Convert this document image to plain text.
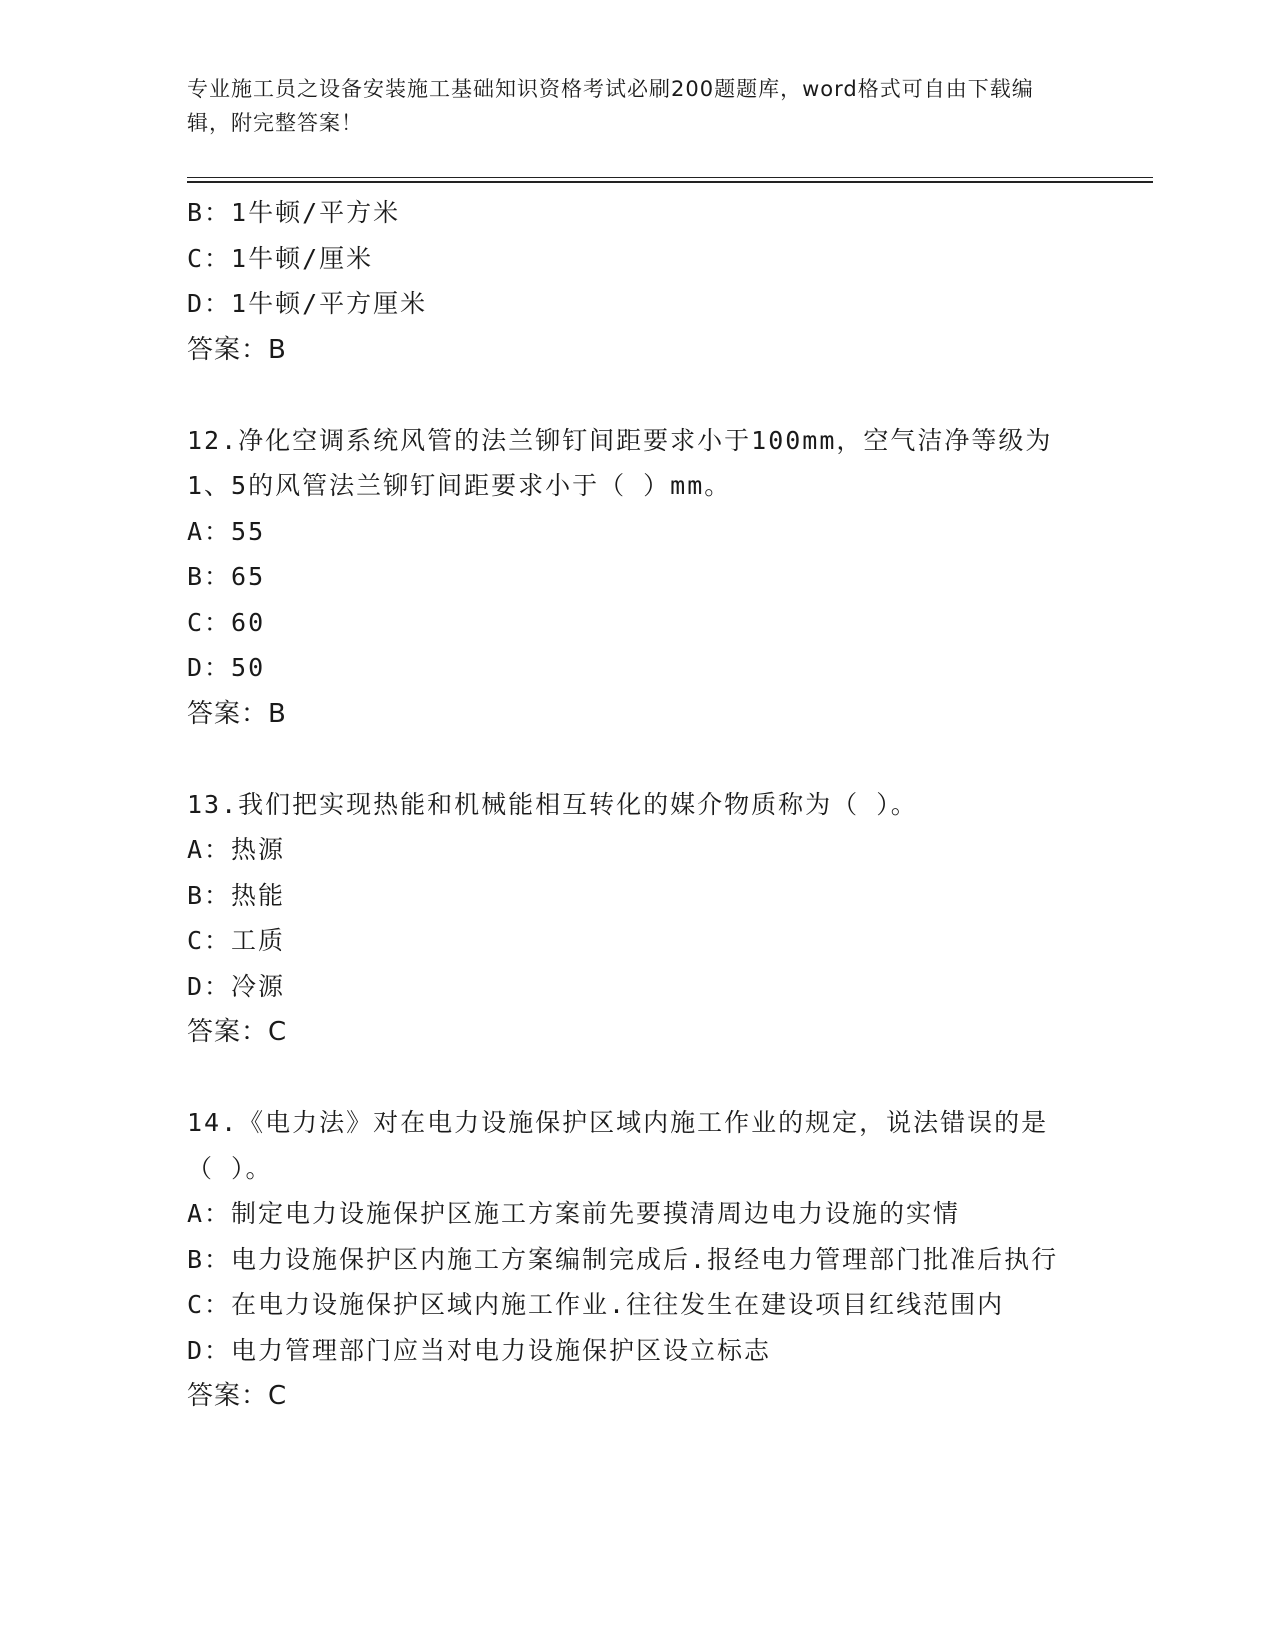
专业施工员之设备安装施工基础知识资格考试必刷200题题库，word格式可自由下载编辑，附完整答案！
B：1牛顿/平方米
C：1牛顿/厘米
D：1牛顿/平方厘米
答案：B
12.净化空调系统风管的法兰铆钉间距要求小于100mm，空气洁净等级为1、5的风管法兰铆钉间距要求小于（ ）mm。
A：55
B：65
C：60
D：50
答案：B
13.我们把实现热能和机械能相互转化的媒介物质称为（ ）。
A：热源
B：热能
C：工质
D：冷源
答案：C
14.《电力法》对在电力设施保护区域内施工作业的规定，说法错误的是（ ）。
A：制定电力设施保护区施工方案前先要摸清周边电力设施的实情
B：电力设施保护区内施工方案编制完成后.报经电力管理部门批准后执行
C：在电力设施保护区域内施工作业.往往发生在建设项目红线范围内
D：电力管理部门应当对电力设施保护区设立标志
答案：C
